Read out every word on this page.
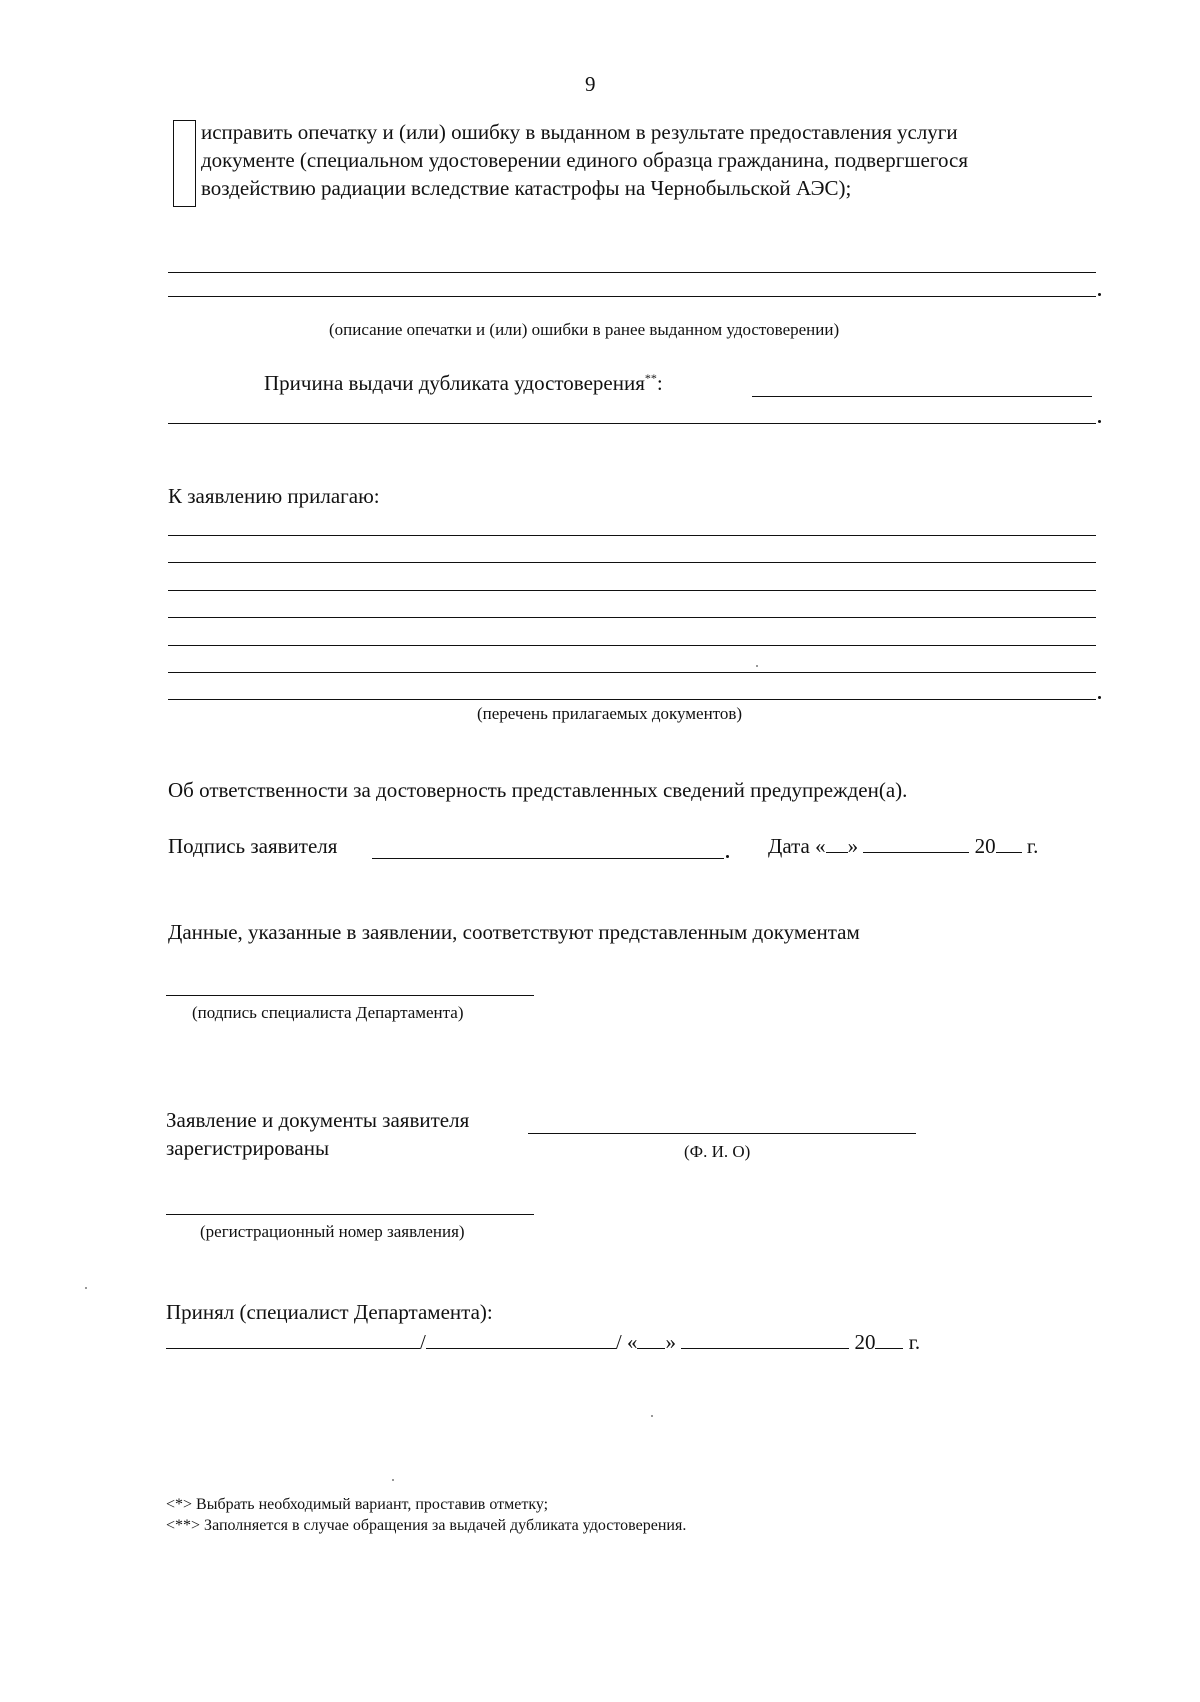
9
исправить опечатку и (или) ошибку в выданном в результате предоставления услуги
документе (специальном удостоверении единого образца гражданина, подвергшегося
воздействию радиации вследствие катастрофы на Чернобыльской АЭС);
(описание опечатки и (или) ошибки в ранее выданном удостоверении)
Причина выдачи дубликата удостоверения**:
К заявлению прилагаю:
(перечень прилагаемых документов)
Об ответственности за достоверность представленных сведений предупрежден(а).
Подпись заявителя	Дата « »	20 г.
Данные, указанные в заявлении, соответствуют представленным документам
(подпись специалиста Департамента)
Заявление и документы заявителя
зарегистрированы	(Ф. И. О)
(регистрационный номер заявления)
Принял (специалист Департамента):
/	/ « »	20 г.
<*> Выбрать необходимый вариант, проставив отметку;
<**> Заполняется в случае обращения за выдачей дубликата удостоверения.
